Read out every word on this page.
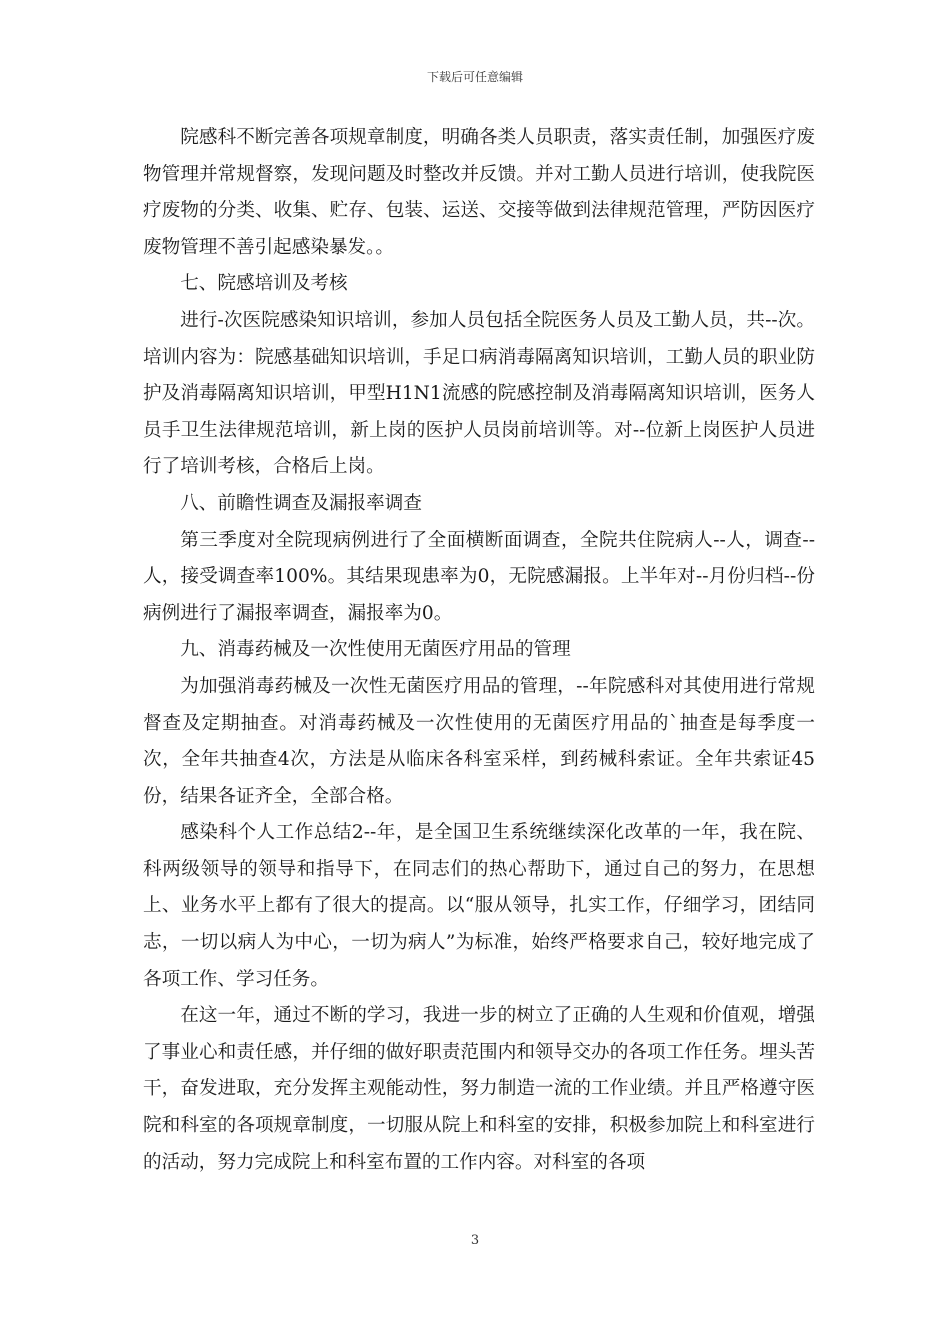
下载后可任意编辑

院感科不断完善各项规章制度，明确各类人员职责，落实责任制，加强医疗废物管理并常规督察，发现问题及时整改并反馈。并对工勤人员进行培训，使我院医疗废物的分类、收集、贮存、包装、运送、交接等做到法律规范管理，严防因医疗废物管理不善引起感染暴发。。

七、院感培训及考核

进行-次医院感染知识培训，参加人员包括全院医务人员及工勤人员，共--次。培训内容为：院感基础知识培训，手足口病消毒隔离知识培训，工勤人员的职业防护及消毒隔离知识培训，甲型H1N1流感的院感控制及消毒隔离知识培训，医务人员手卫生法律规范培训，新上岗的医护人员岗前培训等。对--位新上岗医护人员进行了培训考核，合格后上岗。

八、前瞻性调查及漏报率调查

第三季度对全院现病例进行了全面横断面调查，全院共住院病人--人，调查--人，接受调查率100%。其结果现患率为0，无院感漏报。上半年对--月份归档--份病例进行了漏报率调查，漏报率为0。

九、消毒药械及一次性使用无菌医疗用品的管理

为加强消毒药械及一次性无菌医疗用品的管理，--年院感科对其使用进行常规督查及定期抽查。对消毒药械及一次性使用的无菌医疗用品的`抽查是每季度一次，全年共抽查4次，方法是从临床各科室采样，到药械科索证。全年共索证45份，结果各证齐全，全部合格。

感染科个人工作总结2--年，是全国卫生系统继续深化改革的一年，我在院、科两级领导的领导和指导下，在同志们的热心帮助下，通过自己的努力，在思想上、业务水平上都有了很大的提高。以“服从领导，扎实工作，仔细学习，团结同志，一切以病人为中心，一切为病人”为标准，始终严格要求自己，较好地完成了各项工作、学习任务。

在这一年，通过不断的学习，我进一步的树立了正确的人生观和价值观，增强了事业心和责任感，并仔细的做好职责范围内和领导交办的各项工作任务。埋头苦干，奋发进取，充分发挥主观能动性，努力制造一流的工作业绩。并且严格遵守医院和科室的各项规章制度，一切服从院上和科室的安排，积极参加院上和科室进行的活动，努力完成院上和科室布置的工作内容。对科室的各项

3
